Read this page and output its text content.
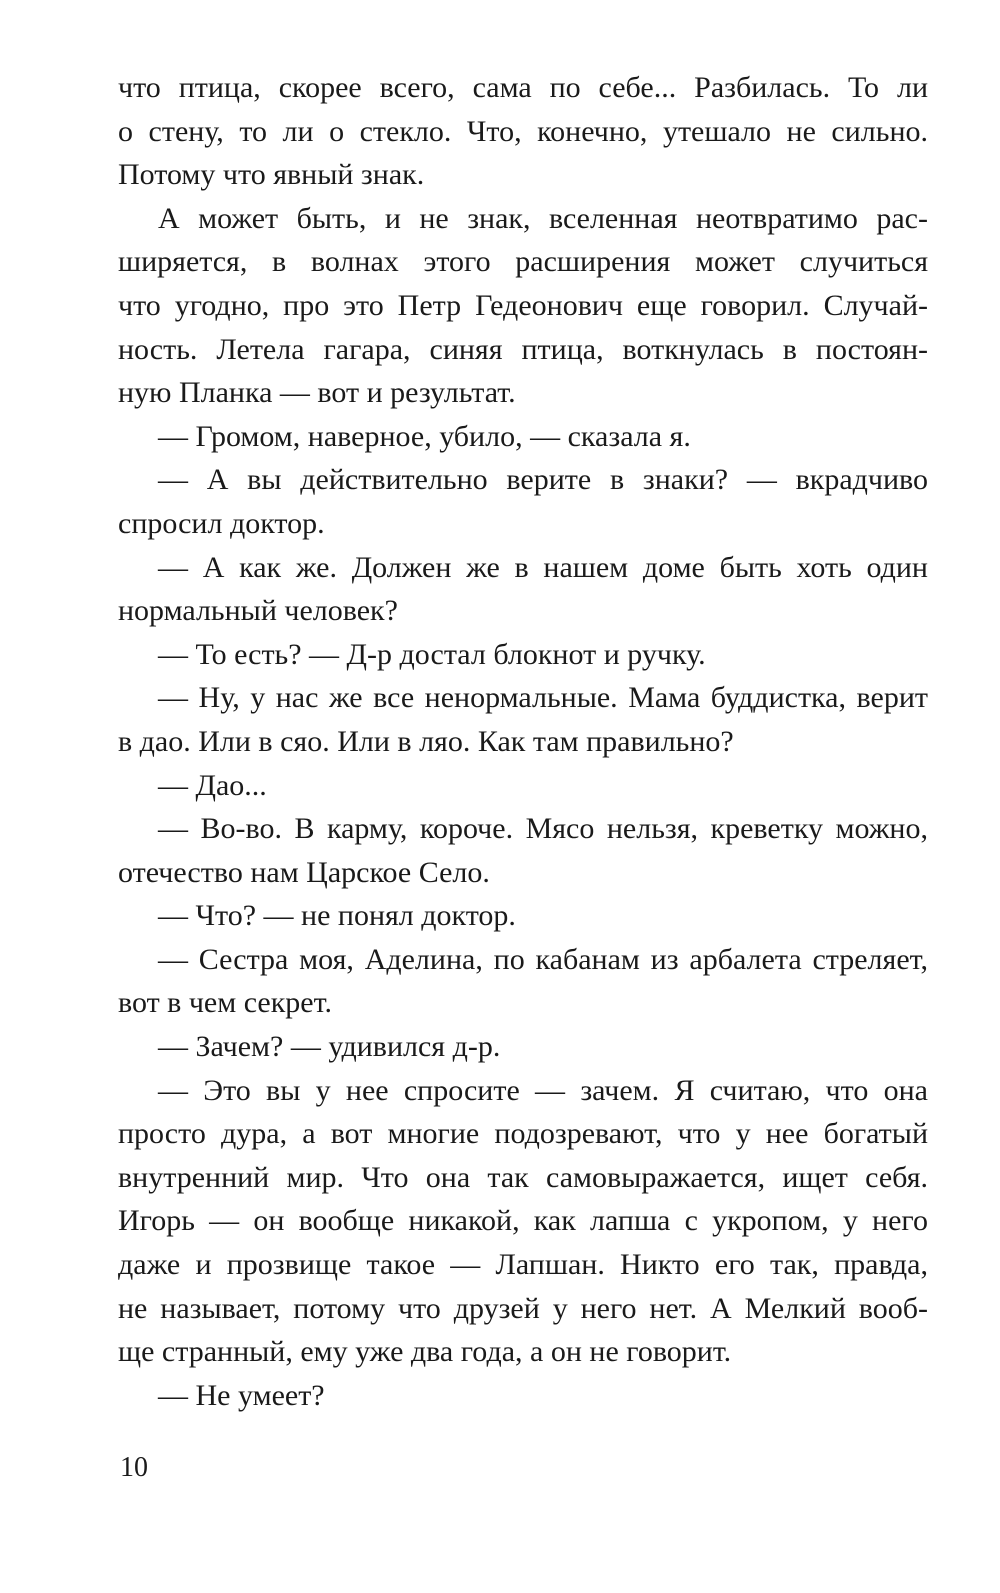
что птица, скорее всего, сама по себе... Разбилась. То ли
о стену, то ли о стекло. Что, конечно, утешало не сильно.
Потому что явный знак.
А может быть, и не знак, вселенная неотвратимо рас-
ширяется, в волнах этого расширения может случиться
что угодно, про это Петр Гедеонович еще говорил. Случай-
ность. Летела гагара, синяя птица, воткнулась в постоян-
ную Планка — вот и результат.
— Громом, наверное, убило, — сказала я.
— А вы действительно верите в знаки? — вкрадчиво
спросил доктор.
— А как же. Должен же в нашем доме быть хоть один
нормальный человек?
— То есть? — Д-р достал блокнот и ручку.
— Ну, у нас же все ненормальные. Мама буддистка, верит
в дао. Или в сяо. Или в ляо. Как там правильно?
— Дао...
— Во-во. В карму, короче. Мясо нельзя, креветку можно,
отечество нам Царское Село.
— Что? — не понял доктор.
— Сестра моя, Аделина, по кабанам из арбалета стреляет,
вот в чем секрет.
— Зачем? — удивился д-р.
— Это вы у нее спросите — зачем. Я считаю, что она
просто дура, а вот многие подозревают, что у нее богатый
внутренний мир. Что она так самовыражается, ищет себя.
Игорь — он вообще никакой, как лапша с укропом, у него
даже и прозвище такое — Лапшан. Никто его так, правда,
не называет, потому что друзей у него нет. А Мелкий вооб-
ще странный, ему уже два года, а он не говорит.
— Не умеет?
10
